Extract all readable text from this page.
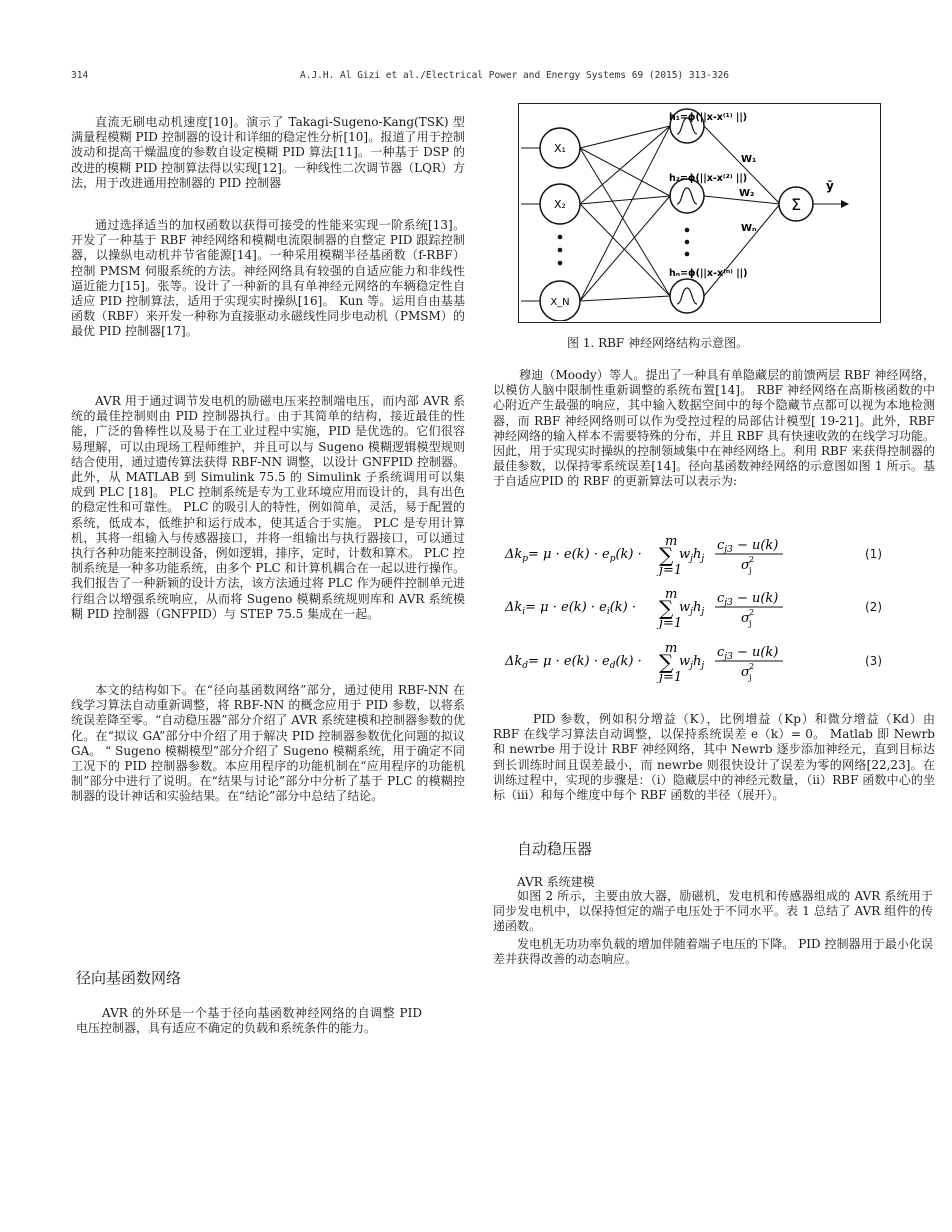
314	A.J.H. Al Gizi et al./Electrical Power and Energy Systems 69 (2015) 313-326

直流无刷电动机速度[10]。演示了 Takagi-Sugeno-Kang(TSK) 型满量程模糊 PID 控制器的设计和详细的稳定性分析[10]。报道了用于控制波动和提高干燥温度的参数自设定模糊 PID 算法[11]。一种基于 DSP 的改进的模糊 PID 控制算法得以实现[12]。一种线性二次调节器（LQR）方法，用于改进通用控制器的 PID 控制器

通过选择适当的加权函数以获得可接受的性能来实现一阶系统[13]。开发了一种基于 RBF 神经网络和模糊电流限制器的自整定 PID 跟踪控制器，以操纵电动机并节省能源[14]。一种采用模糊半径基函数（f-RBF）控制 PMSM 伺服系统的方法。神经网络具有较强的自适应能力和非线性逼近能力[15]。张等。设计了一种新的具有单神经元网络的车辆稳定性自适应 PID 控制算法，适用于实现实时操纵[16]。 Kun 等。运用自由基基函数（RBF）来开发一种称为直接驱动永磁线性同步电动机（PMSM）的最优 PID 控制器[17]。

AVR 用于通过调节发电机的励磁电压来控制端电压，而内部 AVR 系统的最佳控制则由 PID 控制器执行。由于其简单的结构，接近最佳的性能，广泛的鲁棒性以及易于在工业过程中实施，PID 是优选的。它们很容易理解，可以由现场工程师维护，并且可以与 Sugeno 模糊逻辑模型规则结合使用，通过遗传算法获得 RBF-NN 调整，以设计 GNFPID 控制器。此外，从 MATLAB 到 Simulink 75.5 的 Simulink 子系统调用可以集成到 PLC [18]。 PLC 控制系统是专为工业环境应用而设计的，具有出色的稳定性和可靠性。 PLC 的吸引人的特性，例如简单，灵活，易于配置的系统，低成本，低维护和运行成本，使其适合于实施。 PLC 是专用计算机，其将一组输入与传感器接口，并将一组输出与执行器接口，可以通过执行各种功能来控制设备，例如逻辑，排序，定时，计数和算术。 PLC 控制系统是一种多功能系统，由多个 PLC 和计算机耦合在一起以进行操作。我们报告了一种新颖的设计方法，该方法通过将 PLC 作为硬件控制单元进行组合以增强系统响应，从而将 Sugeno 模糊系统规则库和 AVR 系统模糊 PID 控制器（GNFPID）与 STEP 75.5 集成在一起。

本文的结构如下。在“径向基函数网络”部分，通过使用 RBF-NN 在线学习算法自动重新调整，将 RBF-NN 的概念应用于 PID 参数，以将系统误差降至零。“自动稳压器”部分介绍了 AVR 系统建模和控制器参数的优化。在“拟议 GA”部分中介绍了用于解决 PID 控制器参数优化问题的拟议 GA。 “ Sugeno 模糊模型”部分介绍了 Sugeno 模糊系统，用于确定不同工况下的 PID 控制器参数。本应用程序的功能机制在“应用程序的功能机制”部分中进行了说明。在“结果与讨论”部分中分析了基于 PLC 的模糊控制器的设计神话和实验结果。在“结论”部分中总结了结论。

径向基函数网络

AVR 的外环是一个基于径向基函数神经网络的自调整 PID 电压控制器，具有适应不确定的负载和系统条件的能力。

X₁
X₂
X_N
h₁=ϕ(||x-x⁽¹⁾ ||)
h₂=ϕ(||x-x⁽²⁾ ||)
hₙ=ϕ(||x-x⁽ⁿ⁾ ||)
W₁
W₂
Wₙ
Σ
ȳ
图 1. RBF 神经网络结构示意图。

穆迪（Moody）等人。提出了一种具有单隐藏层的前馈两层 RBF 神经网络，以模仿人脑中限制性重新调整的系统布置[14]。 RBF 神经网络在高斯核函数的中心附近产生最强的响应，其中输入数据空间中的每个隐藏节点都可以视为本地检测器，而 RBF 神经网络则可以作为受控过程的局部估计模型[ 19-21]。此外，RBF 神经网络的输入样本不需要特殊的分布，并且 RBF 具有快速收敛的在线学习功能。因此，用于实现实时操纵的控制领域集中在神经网络上。利用 RBF 来获得控制器的最佳参数，以保持零系统误差[14]。径向基函数神经网络的示意图如图 1 所示。基于自适应PID 的 RBF 的更新算法可以表示为:

$\Delta k_p= \mu \cdot e(k) \cdot e_p(k)$ ·
m
∑
j=1
$w_jh_j$
$c_{j3} - u(k)$
σ 2
j
(1)
$\Delta k_i= \mu \cdot e(k) \cdot e_i(k)$ ·
m
∑
j=1
$w_jh_j$
$c_{j3} - u(k)$
σ 2
j
(2)
$\Delta k_d= \mu \cdot e(k) \cdot e_d(k)$ ·
m
∑
j=1
$w_jh_j$
$c_{j3} - u(k)$
σ 2
j
(3)

PID 参数，例如积分增益（K），比例增益（Kp）和微分增益（Kd）由 RBF 在线学习算法自动调整，以保持系统误差 e（k）= 0。 Matlab 即 Newrb 和 newrbe 用于设计 RBF 神经网络，其中 Newrb 逐步添加神经元，直到目标达到长训练时间且误差最小，而 newrbe 则很快设计了误差为零的网络[22,23]。在训练过程中，实现的步骤是：（i）隐藏层中的神经元数量，（ii）RBF 函数中心的坐标（iii）和每个维度中每个 RBF 函数的半径（展开）。

自动稳压器
AVR 系统建模

如图 2 所示，主要由放大器，励磁机，发电机和传感器组成的 AVR 系统用于同步发电机中，以保持恒定的端子电压处于不同水平。表 1 总结了 AVR 组件的传递函数。

发电机无功功率负载的增加伴随着端子电压的下降。 PID 控制器用于最小化误差并获得改善的动态响应。
